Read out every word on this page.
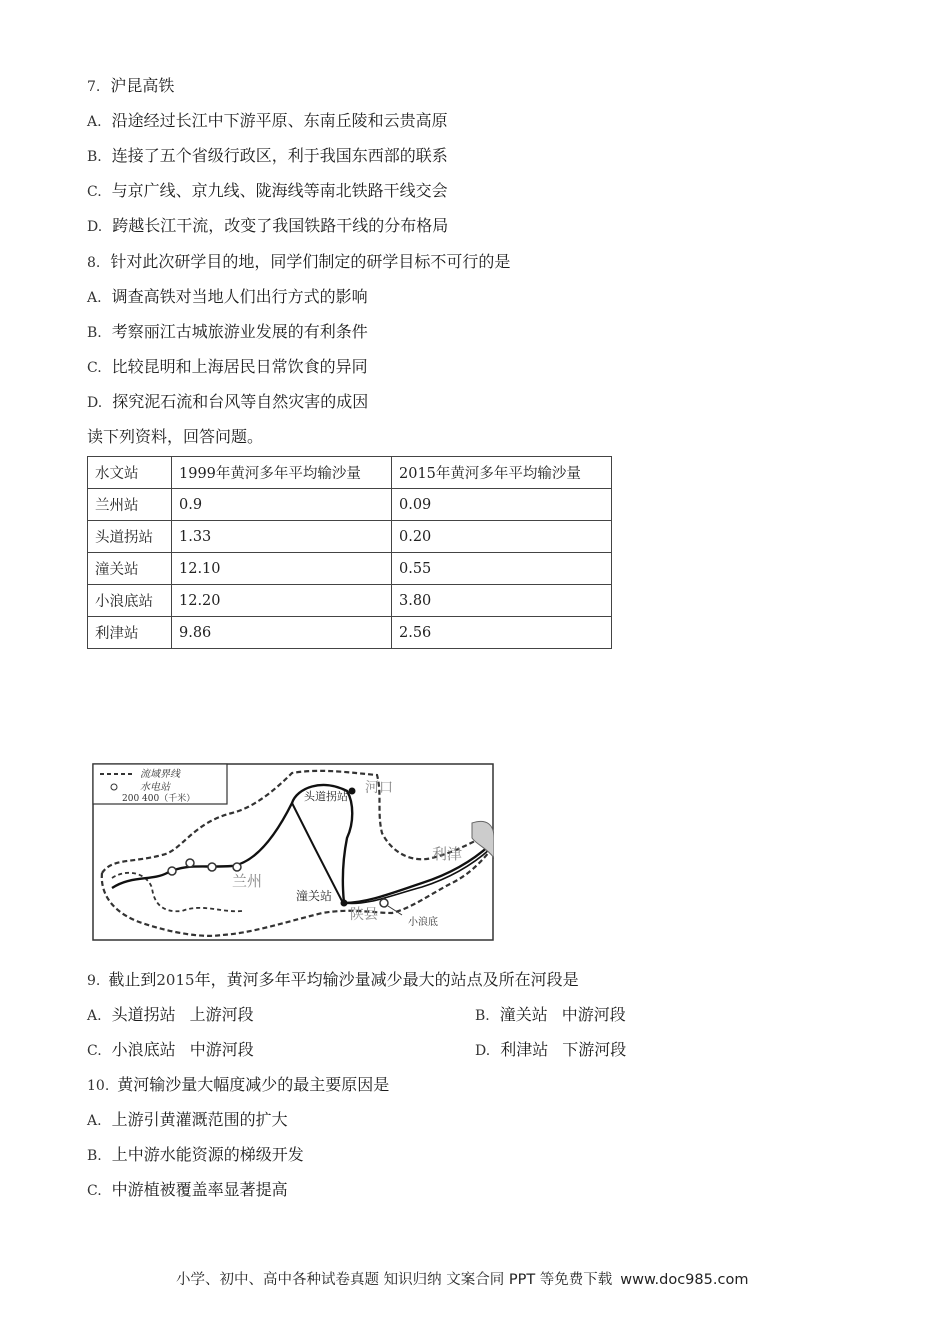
7. 沪昆高铁
A. 沿途经过长江中下游平原、东南丘陵和云贵高原
B. 连接了五个省级行政区，利于我国东西部的联系
C. 与京广线、京九线、陇海线等南北铁路干线交会
D. 跨越长江干流，改变了我国铁路干线的分布格局
8. 针对此次研学目的地，同学们制定的研学目标不可行的是
A. 调查高铁对当地人们出行方式的影响
B. 考察丽江古城旅游业发展的有利条件
C. 比较昆明和上海居民日常饮食的异同
D. 探究泥石流和台风等自然灾害的成因
读下列资料，回答问题。
水文站	1999年黄河多年平均输沙量	2015年黄河多年平均输沙量
兰州站	0.9	0.09
头道拐站	1.33	0.20
潼关站	12.10	0.55
小浪底站	12.20	3.80
利津站	9.86	2.56
流域界线
水电站
200 400（千米）	头道拐站
河口
利津
兰州
潼关站
陕县	小浪底
9. 截止到2015年，黄河多年平均输沙量减少最大的站点及所在河段是
A. 头道拐站 上游河段	B. 潼关站 中游河段
C. 小浪底站 中游河段	D. 利津站 下游河段
10. 黄河输沙量大幅度减少的最主要原因是
A. 上游引黄灌溉范围的扩大
B. 上中游水能资源的梯级开发
C. 中游植被覆盖率显著提高
小学、初中、高中各种试卷真题 知识归纳 文案合同 PPT 等免费下载 www.doc985.com
